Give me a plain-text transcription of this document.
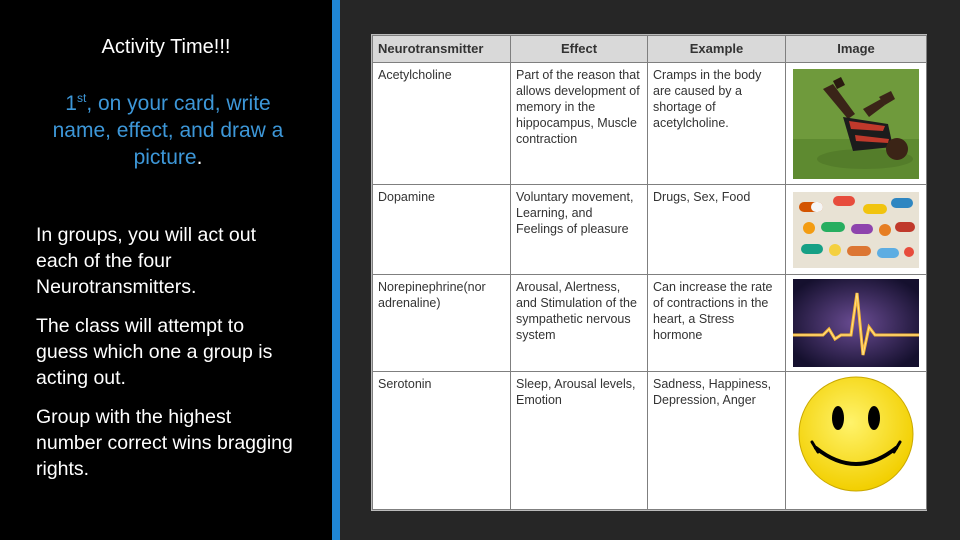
Activity Time!!!
1st, on your card, write name, effect, and draw a picture.
In groups, you will act out each of the four Neurotransmitters.
The class will attempt to guess which one a group is acting out.
Group with the highest number correct wins bragging rights.
Neurotransmitter	Effect	Example	Image
Acetylcholine	Part of the reason that allows development of memory in the hippocampus, Muscle contraction	Cramps in the body are caused by a shortage of acetylcholine.	

Dopamine	Voluntary movement, Learning, and Feelings of pleasure	Drugs, Sex, Food	

Norepinephrine(nor adrenaline)	Arousal, Alertness, and Stimulation of the sympathetic nervous system	Can increase the rate of contractions in the heart, a Stress hormone	

Serotonin	Sleep, Arousal levels, Emotion	Sadness, Happiness, Depression, Anger	
